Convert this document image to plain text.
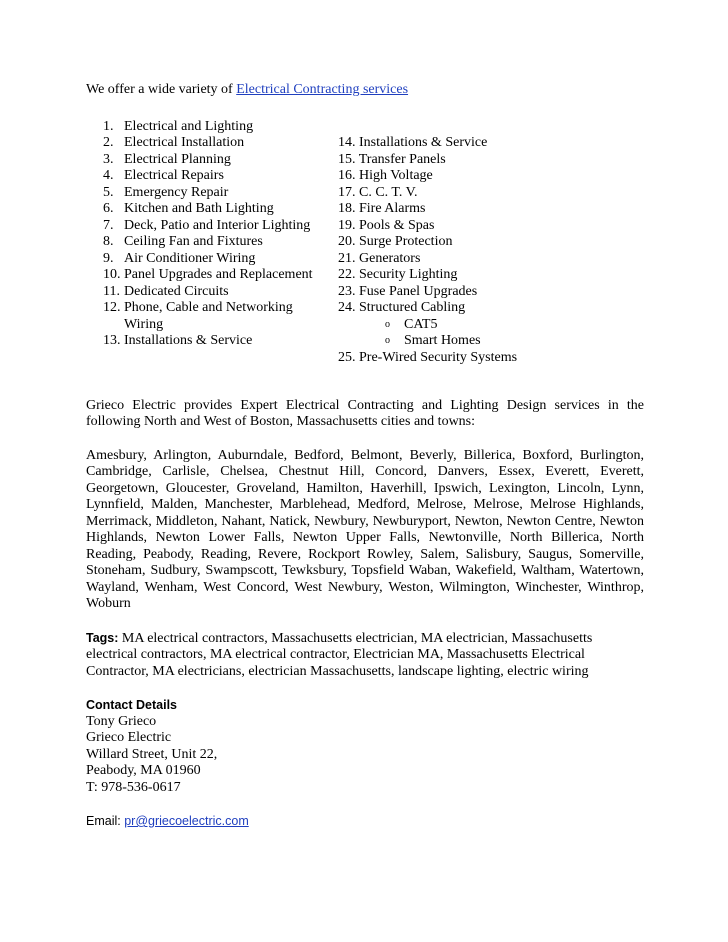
We offer a wide variety of Electrical Contracting services

1. Electrical and Lighting
2. Electrical Installation
3. Electrical Planning
4. Electrical Repairs
5. Emergency Repair
6. Kitchen and Bath Lighting
7. Deck, Patio and Interior Lighting
8. Ceiling Fan and Fixtures
9. Air Conditioner Wiring
10. Panel Upgrades and Replacement
11. Dedicated Circuits
12. Phone, Cable and Networking Wiring
13. Installations & Service
14. Installations & Service
15. Transfer Panels
16. High Voltage
17. C. C. T. V.
18. Fire Alarms
19. Pools & Spas
20. Surge Protection
21. Generators
22. Security Lighting
23. Fuse Panel Upgrades
24. Structured Cabling
o	CAT5
o	Smart Homes
25. Pre-Wired Security Systems

Grieco Electric provides Expert Electrical Contracting and Lighting Design services in the following North and West of Boston, Massachusetts cities and towns:

Amesbury, Arlington, Auburndale, Bedford, Belmont, Beverly, Billerica, Boxford, Burlington, Cambridge, Carlisle, Chelsea, Chestnut Hill, Concord, Danvers, Essex, Everett, Everett, Georgetown, Gloucester, Groveland, Hamilton, Haverhill, Ipswich, Lexington, Lincoln, Lynn, Lynnfield, Malden, Manchester, Marblehead, Medford, Melrose, Melrose, Melrose Highlands, Merrimack, Middleton, Nahant, Natick, Newbury, Newburyport, Newton, Newton Centre, Newton Highlands, Newton Lower Falls, Newton Upper Falls, Newtonville, North Billerica, North Reading, Peabody, Reading, Revere, Rockport Rowley, Salem, Salisbury, Saugus, Somerville, Stoneham, Sudbury, Swampscott, Tewksbury, Topsfield Waban, Wakefield, Waltham, Watertown, Wayland, Wenham, West Concord, West Newbury, Weston, Wilmington, Winchester, Winthrop, Woburn

Tags: MA electrical contractors, Massachusetts electrician, MA electrician, Massachusetts electrical contractors, MA electrical contractor, Electrician MA, Massachusetts Electrical Contractor, MA electricians, electrician Massachusetts, landscape lighting, electric wiring

Contact Details
Tony Grieco
Grieco Electric
Willard Street, Unit 22,
Peabody, MA 01960
T: 978-536-0617
Email: pr@griecoelectric.com
